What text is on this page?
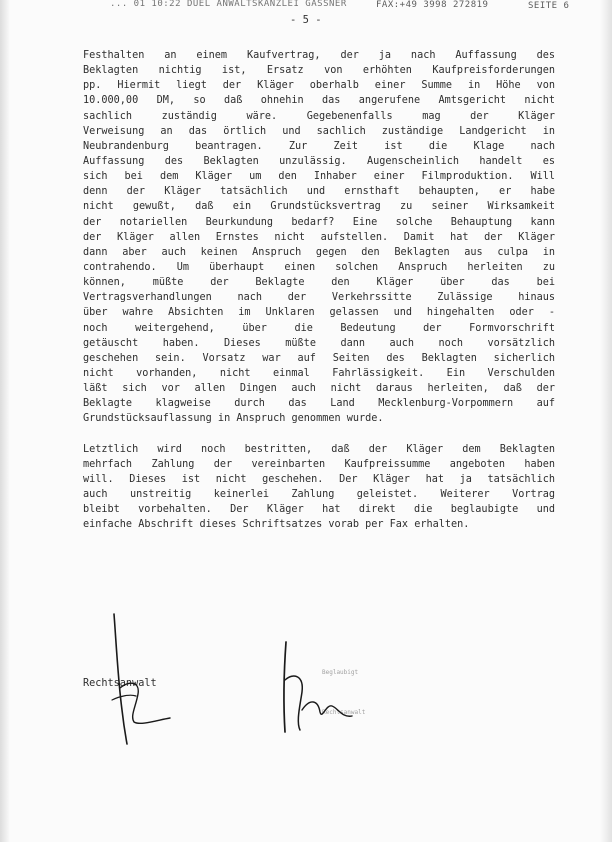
... 01 10:22 DUEL ANWALTSKANZLEI GASSNER	FAX:+49 3998 272819	SEITE 6
- 5 -
Festhalten an einem Kaufvertrag, der ja nach Auffassung des
Beklagten nichtig ist, Ersatz von erhöhten Kaufpreisforderungen
pp. Hiermit liegt der Kläger oberhalb einer Summe in Höhe von
10.000,00 DM, so daß ohnehin das angerufene Amtsgericht nicht
sachlich zuständig wäre. Gegebenenfalls mag der Kläger
Verweisung an das örtlich und sachlich zuständige Landgericht in
Neubrandenburg beantragen. Zur Zeit ist die Klage nach
Auffassung des Beklagten unzulässig. Augenscheinlich handelt es
sich bei dem Kläger um den Inhaber einer Filmproduktion. Will
denn der Kläger tatsächlich und ernsthaft behaupten, er habe
nicht gewußt, daß ein Grundstücksvertrag zu seiner Wirksamkeit
der notariellen Beurkundung bedarf? Eine solche Behauptung kann
der Kläger allen Ernstes nicht aufstellen. Damit hat der Kläger
dann aber auch keinen Anspruch gegen den Beklagten aus culpa in
contrahendo. Um überhaupt einen solchen Anspruch herleiten zu
können, müßte der Beklagte den Kläger über das bei
Vertragsverhandlungen nach der Verkehrssitte Zulässige hinaus
über wahre Absichten im Unklaren gelassen und hingehalten oder -
noch weitergehend, über die Bedeutung der Formvorschrift
getäuscht haben. Dieses müßte dann auch noch vorsätzlich
geschehen sein. Vorsatz war auf Seiten des Beklagten sicherlich
nicht vorhanden, nicht einmal Fahrlässigkeit. Ein Verschulden
läßt sich vor allen Dingen auch nicht daraus herleiten, daß der
Beklagte klagweise durch das Land Mecklenburg-Vorpommern auf
Grundstücksauflassung in Anspruch genommen wurde.
Letztlich wird noch bestritten, daß der Kläger dem Beklagten
mehrfach Zahlung der vereinbarten Kaufpreissumme angeboten haben
will. Dieses ist nicht geschehen. Der Kläger hat ja tatsächlich
auch unstreitig keinerlei Zahlung geleistet. Weiterer Vortrag
bleibt vorbehalten. Der Kläger hat direkt die beglaubigte und
einfache Abschrift dieses Schriftsatzes vorab per Fax erhalten.
Rechtsanwalt
Beglaubigt
Rechtsanwalt
